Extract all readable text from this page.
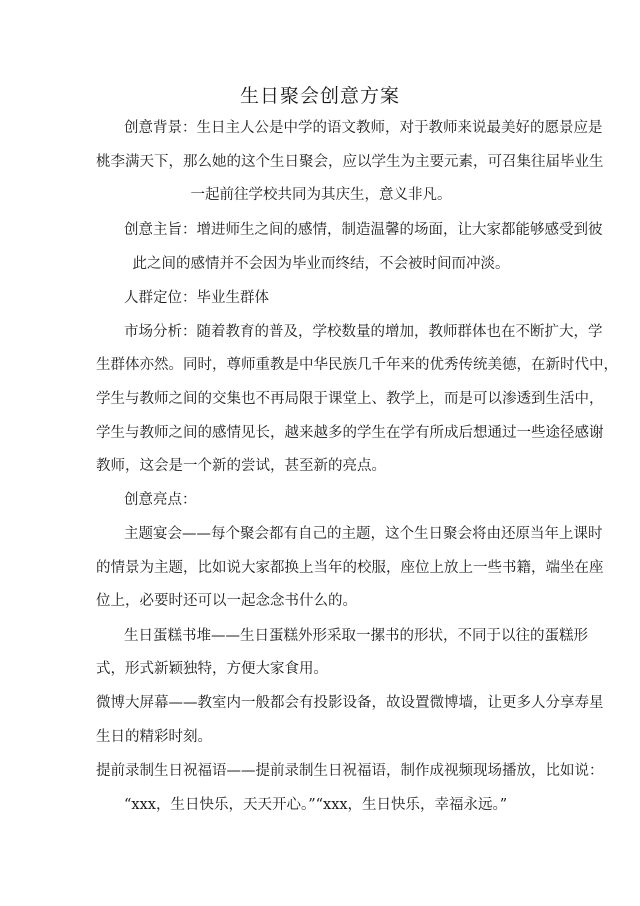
生日聚会创意方案
创意背景：生日主人公是中学的语文教师，对于教师来说最美好的愿景应是
桃李满天下，那么她的这个生日聚会，应以学生为主要元素，可召集往届毕业生
一起前往学校共同为其庆生，意义非凡。
创意主旨：增进师生之间的感情，制造温馨的场面，让大家都能够感受到彼
此之间的感情并不会因为毕业而终结，不会被时间而冲淡。
人群定位：毕业生群体
市场分析：随着教育的普及，学校数量的增加，教师群体也在不断扩大，学
生群体亦然。同时，尊师重教是中华民族几千年来的优秀传统美德，在新时代中，
学生与教师之间的交集也不再局限于课堂上、教学上，而是可以渗透到生活中，
学生与教师之间的感情见长，越来越多的学生在学有所成后想通过一些途径感谢
教师，这会是一个新的尝试，甚至新的亮点。
创意亮点：
主题宴会——每个聚会都有自己的主题，这个生日聚会将由还原当年上课时
的情景为主题，比如说大家都换上当年的校服，座位上放上一些书籍，端坐在座
位上，必要时还可以一起念念书什么的。
生日蛋糕书堆——生日蛋糕外形采取一摞书的形状，不同于以往的蛋糕形
式，形式新颖独特，方便大家食用。
微博大屏幕——教室内一般都会有投影设备，故设置微博墙，让更多人分享寿星
生日的精彩时刻。
提前录制生日祝福语——提前录制生日祝福语，制作成视频现场播放，比如说：
“xxx，生日快乐，天天开心。”“xxx，生日快乐，幸福永远。”
